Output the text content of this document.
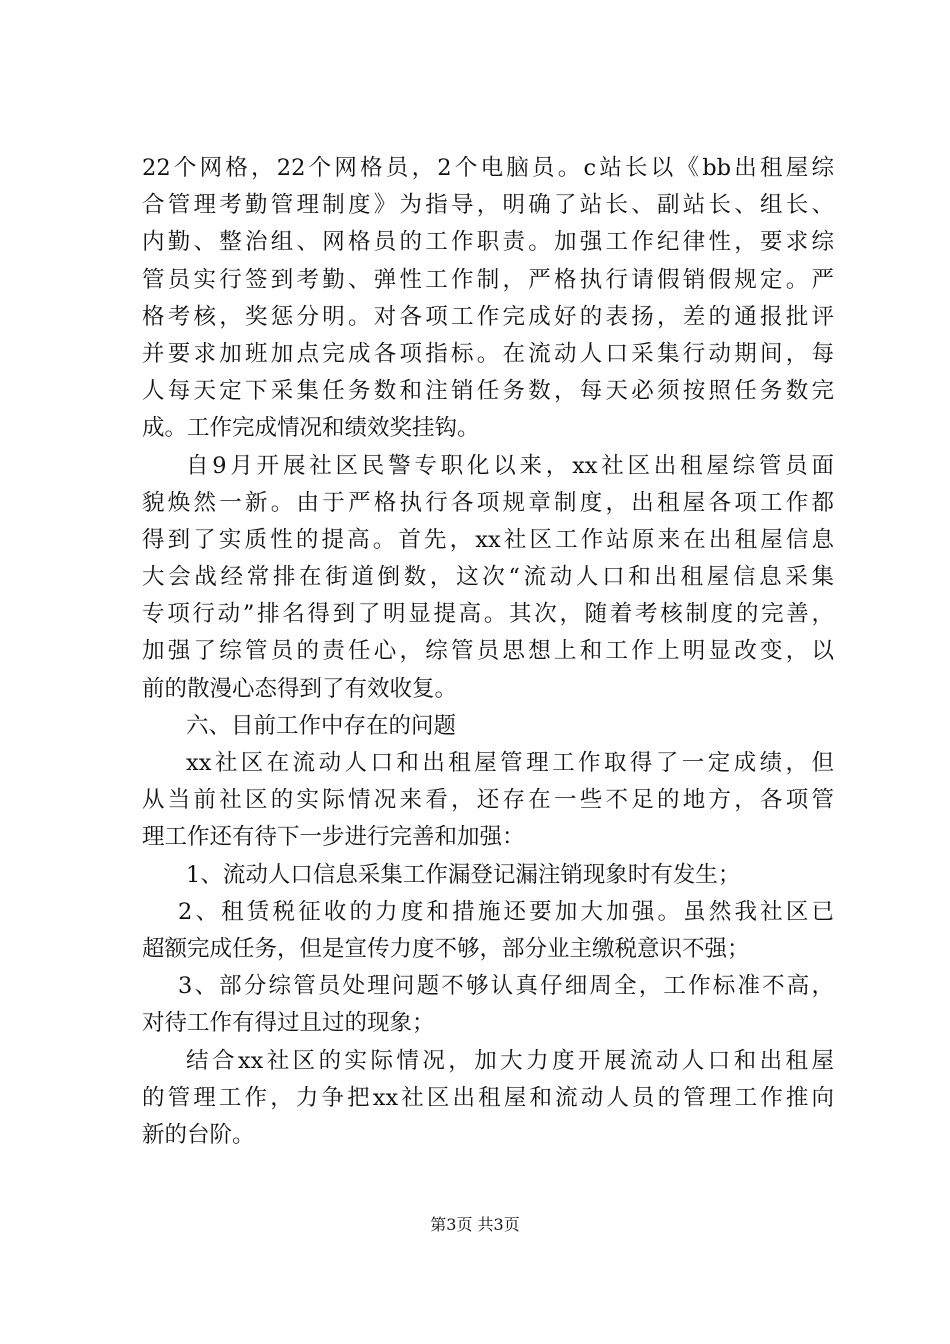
22个网格，22个网格员，2个电脑员。c站长以《bb出租屋综
合管理考勤管理制度》为指导，明确了站长、副站长、组长、
内勤、整治组、网格员的工作职责。加强工作纪律性，要求综
管员实行签到考勤、弹性工作制，严格执行请假销假规定。严
格考核，奖惩分明。对各项工作完成好的表扬，差的通报批评
并要求加班加点完成各项指标。在流动人口采集行动期间，每
人每天定下采集任务数和注销任务数，每天必须按照任务数完
成。工作完成情况和绩效奖挂钩。
自9月开展社区民警专职化以来，xx社区出租屋综管员面
貌焕然一新。由于严格执行各项规章制度，出租屋各项工作都
得到了实质性的提高。首先，xx社区工作站原来在出租屋信息
大会战经常排在街道倒数，这次“流动人口和出租屋信息采集
专项行动”排名得到了明显提高。其次，随着考核制度的完善，
加强了综管员的责任心，综管员思想上和工作上明显改变，以
前的散漫心态得到了有效收复。
六、目前工作中存在的问题
xx社区在流动人口和出租屋管理工作取得了一定成绩，但
从当前社区的实际情况来看，还存在一些不足的地方，各项管
理工作还有待下一步进行完善和加强：
1、流动人口信息采集工作漏登记漏注销现象时有发生；
2、租赁税征收的力度和措施还要加大加强。虽然我社区已
超额完成任务，但是宣传力度不够，部分业主缴税意识不强；
3、部分综管员处理问题不够认真仔细周全，工作标准不高，
对待工作有得过且过的现象；
结合xx社区的实际情况，加大力度开展流动人口和出租屋
的管理工作，力争把xx社区出租屋和流动人员的管理工作推向
新的台阶。
第3页 共3页
